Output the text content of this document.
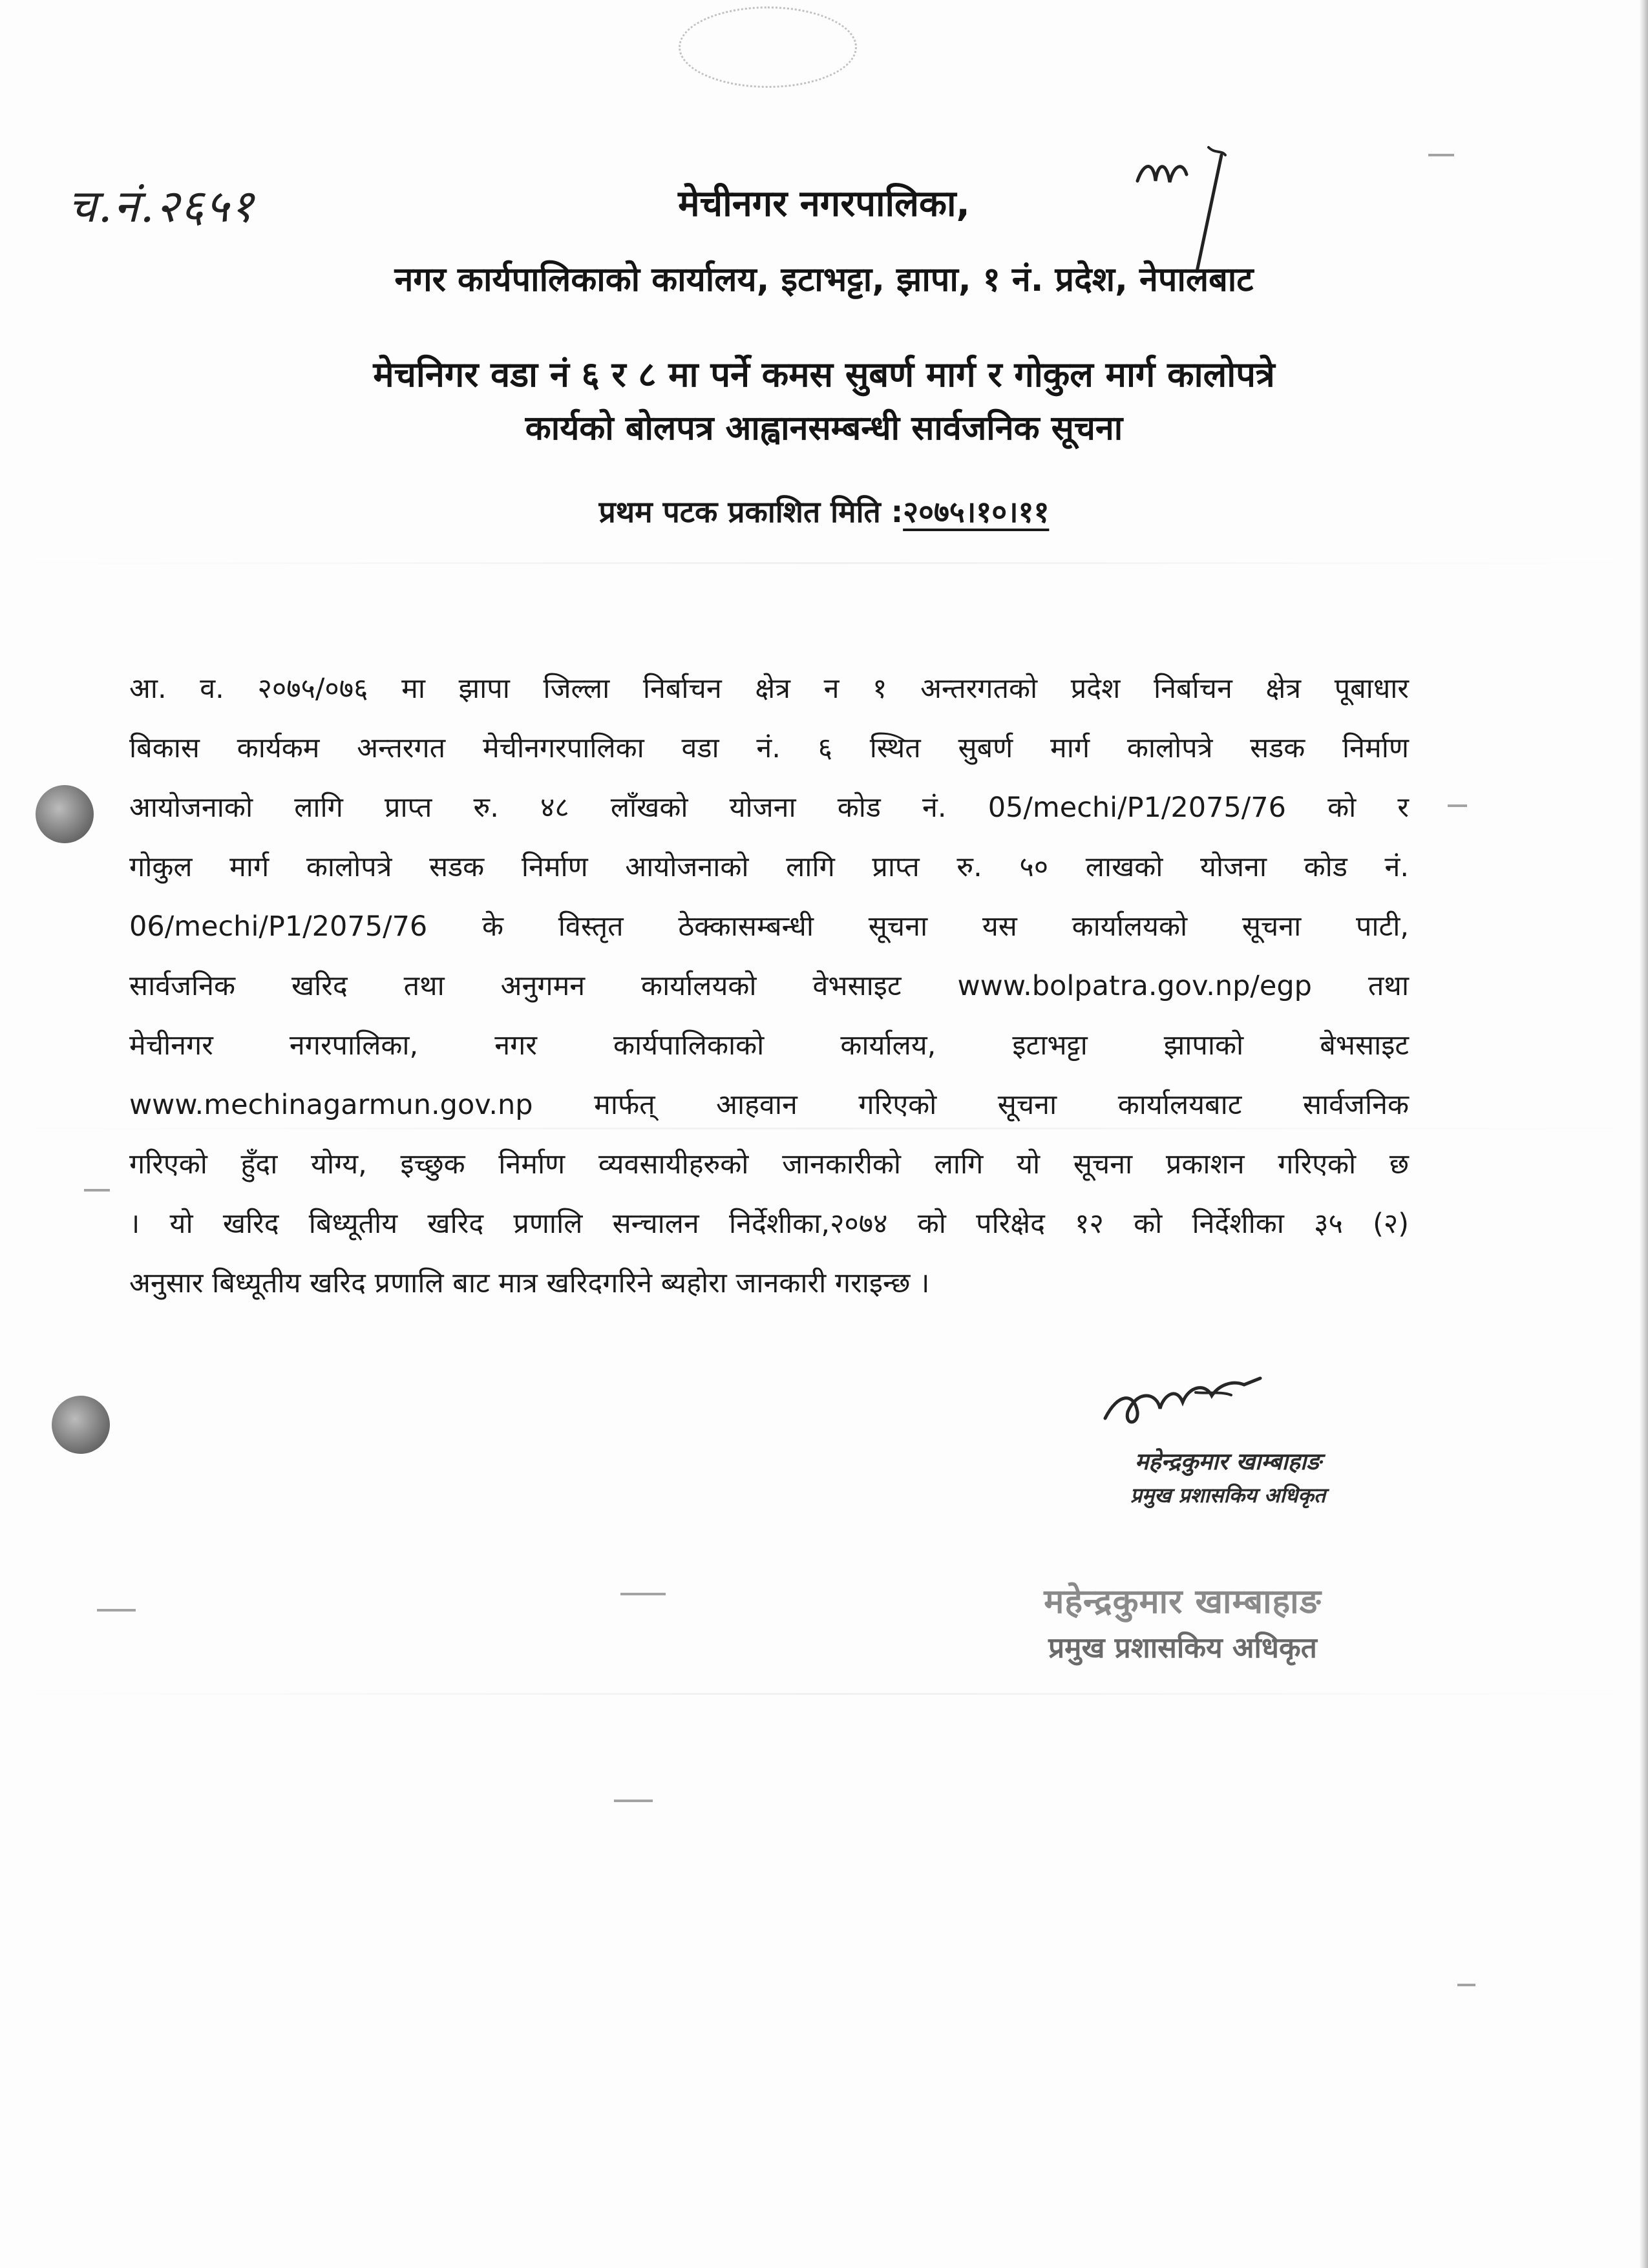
च.नं.२६५१	मेचीनगर नगरपालिका,
नगर कार्यपालिकाको कार्यालय, इटाभट्टा, झापा, १ नं. प्रदेश, नेपालबाट
मेचनिगर वडा नं ६ र ८ मा पर्ने कमस सुबर्ण मार्ग र गोकुल मार्ग कालोपत्रे
कार्यको बोलपत्र आह्वानसम्बन्धी सार्वजनिक सूचना
प्रथम पटक प्रकाशित मिति :२०७५।१०।११
आ. व. २०७५/०७६ मा झापा जिल्ला निर्बाचन क्षेत्र न १ अन्तरगतको प्रदेश निर्बाचन क्षेत्र पूबाधार
बिकास कार्यकम अन्तरगत मेचीनगरपालिका वडा नं. ६ स्थित सुबर्ण मार्ग कालोपत्रे सडक निर्माण
आयोजनाको लागि प्राप्त रु. ४८ लाँखको योजना कोड नं. 05/mechi/P1/2075/76 को र
गोकुल मार्ग कालोपत्रे सडक निर्माण आयोजनाको लागि प्राप्त रु. ५० लाखको योजना कोड नं.
06/mechi/P1/2075/76 के विस्तृत ठेक्कासम्बन्धी सूचना यस कार्यालयको सूचना पाटी,
सार्वजनिक खरिद तथा अनुगमन कार्यालयको वेभसाइट www.bolpatra.gov.np/egp तथा
मेचीनगर नगरपालिका, नगर कार्यपालिकाको कार्यालय, इटाभट्टा झापाको बेभसाइट
www.mechinagarmun.gov.np मार्फत् आहवान गरिएको सूचना कार्यालयबाट सार्वजनिक
गरिएको हुँदा योग्य, इच्छुक निर्माण व्यवसायीहरुको जानकारीको लागि यो सूचना प्रकाशन गरिएको छ
। यो खरिद बिध्यूतीय खरिद प्रणालि सन्चालन निर्देशीका,२०७४ को परिक्षेद १२ को निर्देशीका ३५ (२)
अनुसार बिध्यूतीय खरिद प्रणालि बाट मात्र खरिदगरिने ब्यहोरा जानकारी गराइन्छ ।
महेन्द्रकुमार खाम्बाहाङ
प्रमुख प्रशासकिय अधिकृत
महेन्द्रकुमार खाम्बाहाङ
प्रमुख प्रशासकिय अधिकृत
